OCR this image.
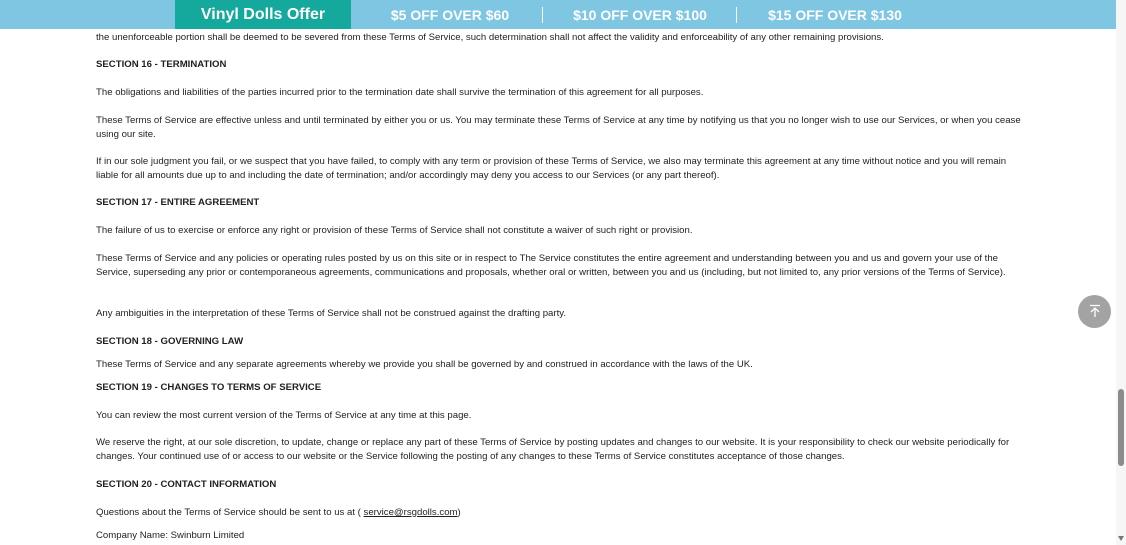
Vinyl Dolls Offer	$5 OFF OVER $60	$10 OFF OVER $100	$15 OFF OVER $130
the unenforceable portion shall be deemed to be severed from these Terms of Service, such determination shall not affect the validity and enforceability of any other remaining provisions.
SECTION 16 - TERMINATION
The obligations and liabilities of the parties incurred prior to the termination date shall survive the termination of this agreement for all purposes.
These Terms of Service are effective unless and until terminated by either you or us. You may terminate these Terms of Service at any time by notifying us that you no longer wish to use our Services, or when you cease using our site.
If in our sole judgment you fail, or we suspect that you have failed, to comply with any term or provision of these Terms of Service, we also may terminate this agreement at any time without notice and you will remain liable for all amounts due up to and including the date of termination; and/or accordingly may deny you access to our Services (or any part thereof).
SECTION 17 - ENTIRE AGREEMENT
The failure of us to exercise or enforce any right or provision of these Terms of Service shall not constitute a waiver of such right or provision.
These Terms of Service and any policies or operating rules posted by us on this site or in respect to The Service constitutes the entire agreement and understanding between you and us and govern your use of the Service, superseding any prior or contemporaneous agreements, communications and proposals, whether oral or written, between you and us (including, but not limited to, any prior versions of the Terms of Service).
Any ambiguities in the interpretation of these Terms of Service shall not be construed against the drafting party.
SECTION 18 - GOVERNING LAW
These Terms of Service and any separate agreements whereby we provide you shall be governed by and construed in accordance with the laws of the UK.
SECTION 19 - CHANGES TO TERMS OF SERVICE
You can review the most current version of the Terms of Service at any time at this page.
We reserve the right, at our sole discretion, to update, change or replace any part of these Terms of Service by posting updates and changes to our website. It is your responsibility to check our website periodically for changes. Your continued use of or access to our website or the Service following the posting of any changes to these Terms of Service constitutes acceptance of those changes.
SECTION 20 - CONTACT INFORMATION
Questions about the Terms of Service should be sent to us at ( service@rsgdolls.com)
Company Name: Swinburn Limited
